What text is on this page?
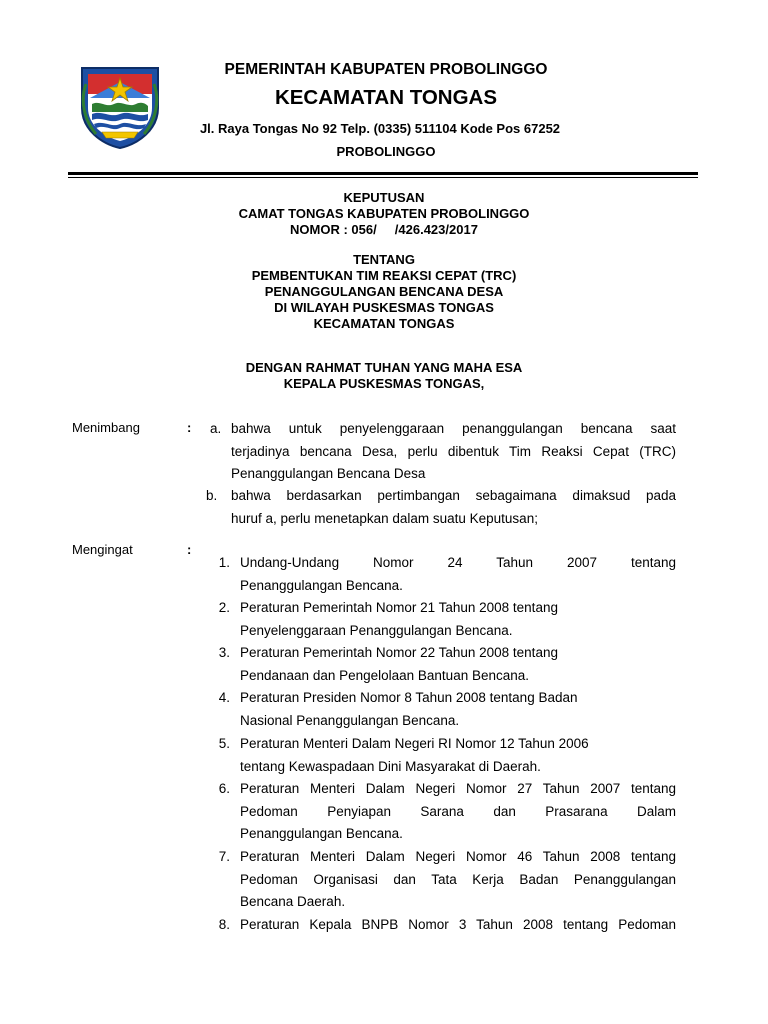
PEMERINTAH KABUPATEN PROBOLINGGO
KECAMATAN TONGAS
Jl. Raya Tongas No 92 Telp. (0335) 511104 Kode Pos 67252
PROBOLINGGO
KEPUTUSAN
CAMAT TONGAS KABUPATEN PROBOLINGGO
NOMOR : 056/     /426.423/2017
TENTANG
PEMBENTUKAN TIM REAKSI CEPAT (TRC)
PENANGGULANGAN BENCANA DESA
DI WILAYAH PUSKESMAS TONGAS
KECAMATAN TONGAS
DENGAN RAHMAT TUHAN YANG MAHA ESA
KEPALA PUSKESMAS TONGAS,
Menimbang	: a. bahwa untuk penyelenggaraan penanggulangan bencana saat
terjadinya bencana Desa, perlu dibentuk Tim Reaksi Cepat (TRC)
Penanggulangan Bencana Desa
b.	bahwa berdasarkan pertimbangan sebagaimana dimaksud pada
huruf a, perlu menetapkan dalam suatu Keputusan;
Mengingat	:
1. Undang-Undang Nomor 24 Tahun 2007 tentang
Penanggulangan Bencana.
2. Peraturan Pemerintah Nomor 21 Tahun 2008 tentang
Penyelenggaraan Penanggulangan Bencana.
3. Peraturan Pemerintah Nomor 22 Tahun 2008 tentang
Pendanaan dan Pengelolaan Bantuan Bencana.
4. Peraturan Presiden Nomor 8 Tahun 2008 tentang Badan
Nasional Penanggulangan Bencana.
5. Peraturan Menteri Dalam Negeri RI Nomor 12 Tahun 2006
tentang Kewaspadaan Dini Masyarakat di Daerah.
6. Peraturan Menteri Dalam Negeri Nomor 27 Tahun 2007 tentang
Pedoman Penyiapan Sarana dan Prasarana Dalam
Penanggulangan Bencana.
7. Peraturan Menteri Dalam Negeri Nomor 46 Tahun 2008 tentang
Pedoman Organisasi dan Tata Kerja Badan Penanggulangan
Bencana Daerah.
8. Peraturan Kepala BNPB Nomor 3 Tahun 2008 tentang Pedoman
